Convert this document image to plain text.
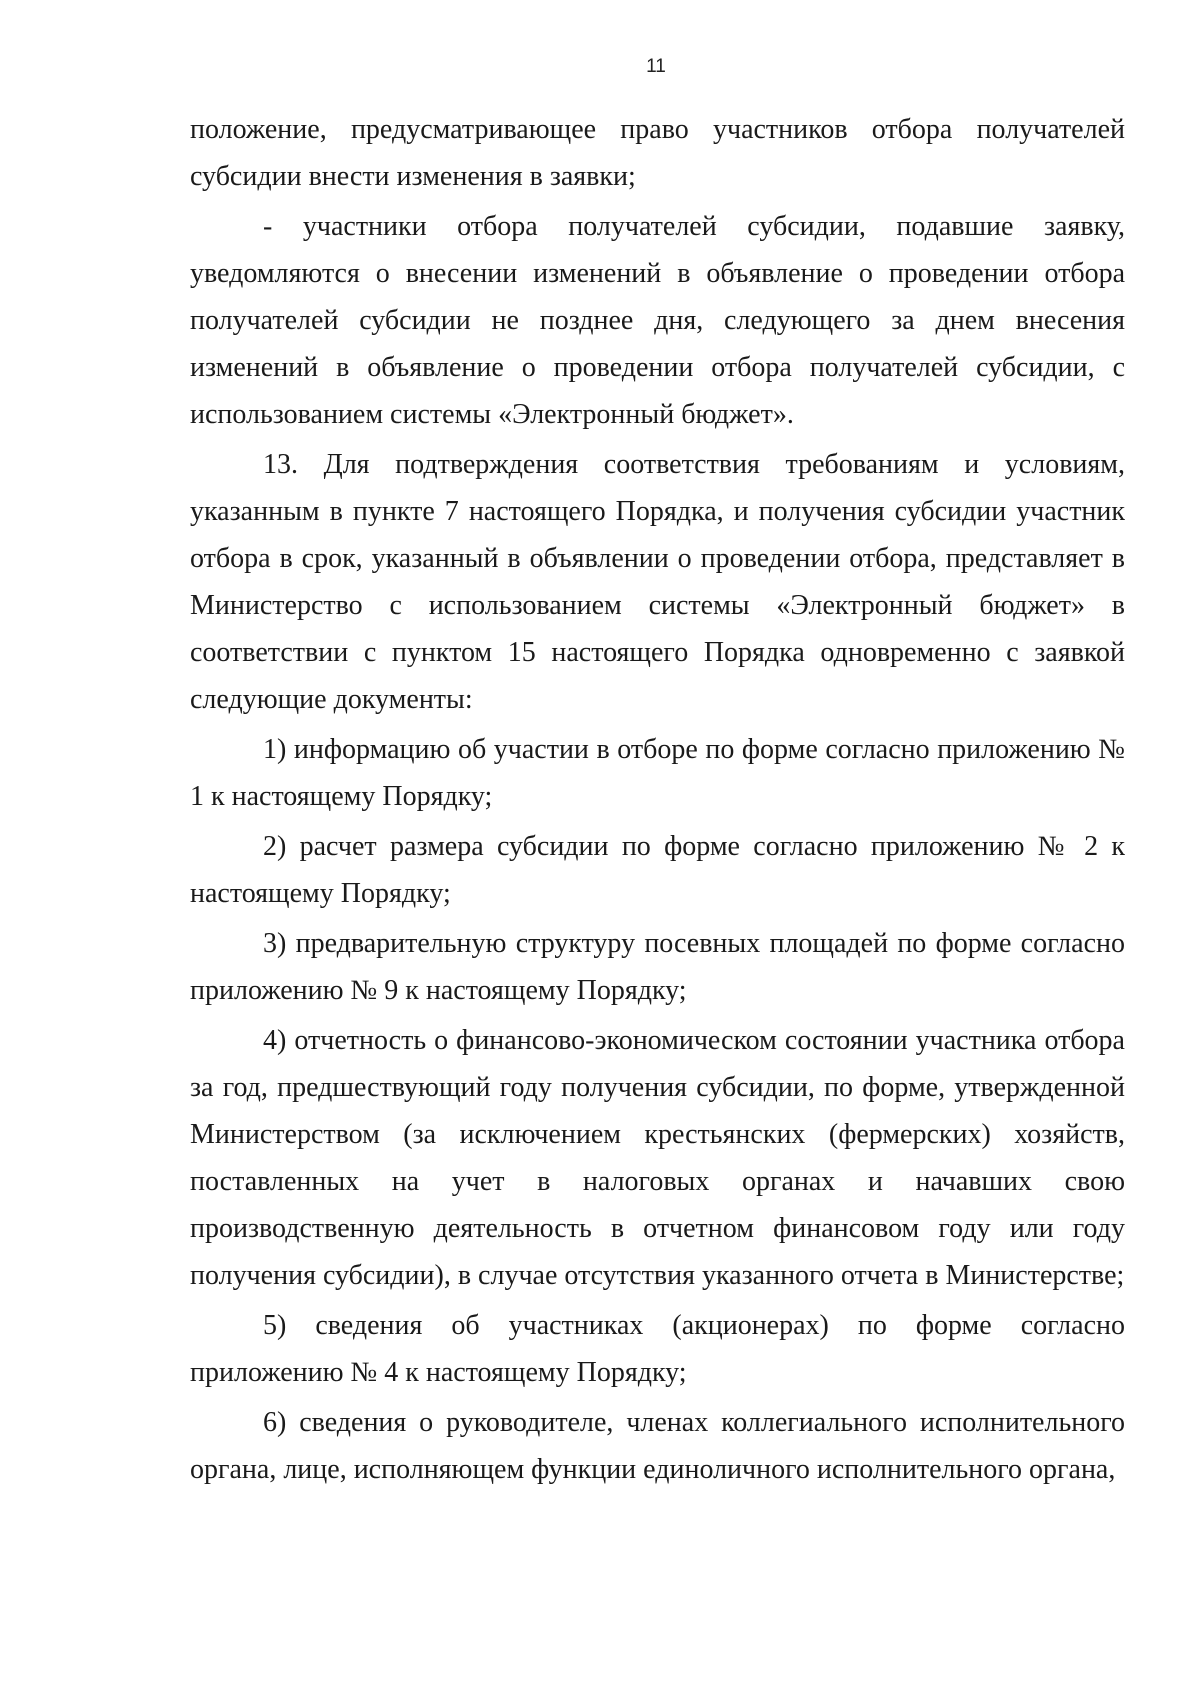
11

положение, предусматривающее право участников отбора получателей субсидии внести изменения в заявки;

- участники отбора получателей субсидии, подавшие заявку, уведомляются о внесении изменений в объявление о проведении отбора получателей субсидии не позднее дня, следующего за днем внесения изменений в объявление о проведении отбора получателей субсидии, с использованием системы «Электронный бюджет».

13. Для подтверждения соответствия требованиям и условиям, указанным в пункте 7 настоящего Порядка, и получения субсидии участник отбора в срок, указанный в объявлении о проведении отбора, представляет в Министерство с использованием системы «Электронный бюджет» в соответствии с пунктом 15 настоящего Порядка одновременно с заявкой следующие документы:

1) информацию об участии в отборе по форме согласно приложению № 1 к настоящему Порядку;

2) расчет размера субсидии по форме согласно приложению № 2 к настоящему Порядку;

3) предварительную структуру посевных площадей по форме согласно приложению № 9 к настоящему Порядку;

4) отчетность о финансово-экономическом состоянии участника отбора за год, предшествующий году получения субсидии, по форме, утвержденной Министерством (за исключением крестьянских (фермерских) хозяйств, поставленных на учет в налоговых органах и начавших свою производственную деятельность в отчетном финансовом году или году получения субсидии), в случае отсутствия указанного отчета в Министерстве;

5) сведения об участниках (акционерах) по форме согласно приложению № 4 к настоящему Порядку;

6) сведения о руководителе, членах коллегиального исполнительного органа, лице, исполняющем функции единоличного исполнительного органа,
